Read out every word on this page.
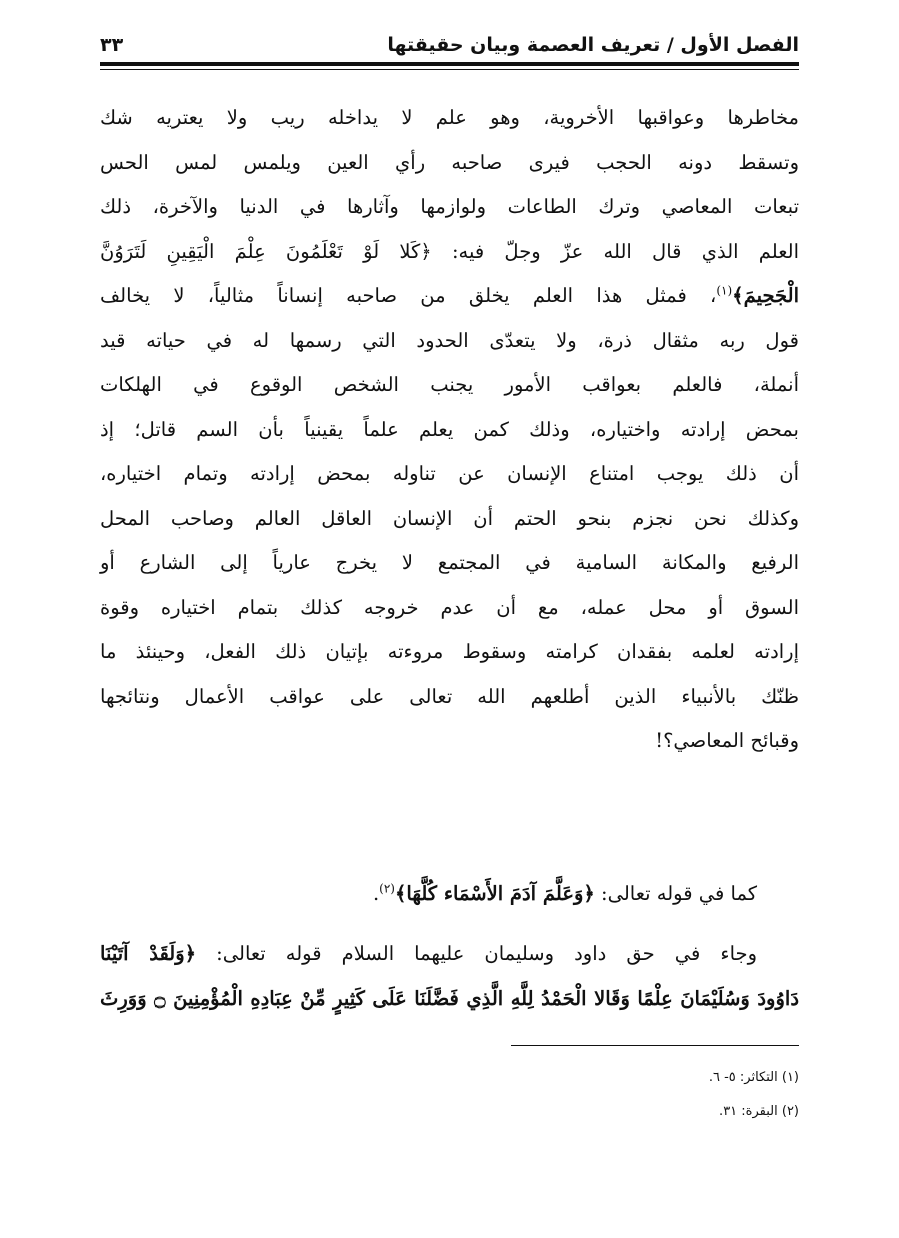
الفصل الأول / تعريف العصمة وبيان حقيقتها
٣٣
مخاطرها وعواقبها الأخروية، وهو علم لا يداخله ريب ولا يعتريه شك
وتسقط دونه الحجب فيرى صاحبه رأي العين ويلمس لمس الحس
تبعات المعاصي وترك الطاعات ولوازمها وآثارها في الدنيا والآخرة، ذلك
العلم الذي قال الله عزّ وجلّ فيه: ﴿كَلا لَوْ تَعْلَمُونَ عِلْمَ الْيَقِينِ لَتَرَوُنَّ
الْجَحِيمَ﴾$^{(١)}$، فمثل هذا العلم يخلق من صاحبه إنساناً مثالياً، لا يخالف
قول ربه مثقال ذرة، ولا يتعدّى الحدود التي رسمها له في حياته قيد
أنملة، فالعلم بعواقب الأمور يجنب الشخص الوقوع في الهلكات
بمحض إرادته واختياره، وذلك كمن يعلم علماً يقينياً بأن السم قاتل؛ إذ
أن ذلك يوجب امتناع الإنسان عن تناوله بمحض إرادته وتمام اختياره،
وكذلك نحن نجزم بنحو الحتم أن الإنسان العاقل العالم وصاحب المحل
الرفيع والمكانة السامية في المجتمع لا يخرج عارياً إلى الشارع أو
السوق أو محل عمله، مع أن عدم خروجه كذلك بتمام اختياره وقوة
إرادته لعلمه بفقدان كرامته وسقوط مروءته بإتيان ذلك الفعل، وحينئذ ما
ظنّك بالأنبياء الذين أطلعهم الله تعالى على عواقب الأعمال ونتائجها
وقبائح المعاصي؟!
كما في قوله تعالى: ﴿وَعَلَّمَ آدَمَ الأَسْمَاء كُلَّهَا﴾$^{(٢)}$.
وجاء في حق داود وسليمان عليهما السلام قوله تعالى: ﴿وَلَقَدْ آتَيْنَا
دَاوُودَ وَسُلَيْمَانَ عِلْمًا وَقَالا الْحَمْدُ لِلَّهِ الَّذِي فَضَّلَنَا عَلَى كَثِيرٍ مِّنْ عِبَادِهِ الْمُؤْمِنِينَ ۝ وَوَرِثَ
(١) التكاثر: ٥- ٦.
(٢) البقرة: ٣١.
